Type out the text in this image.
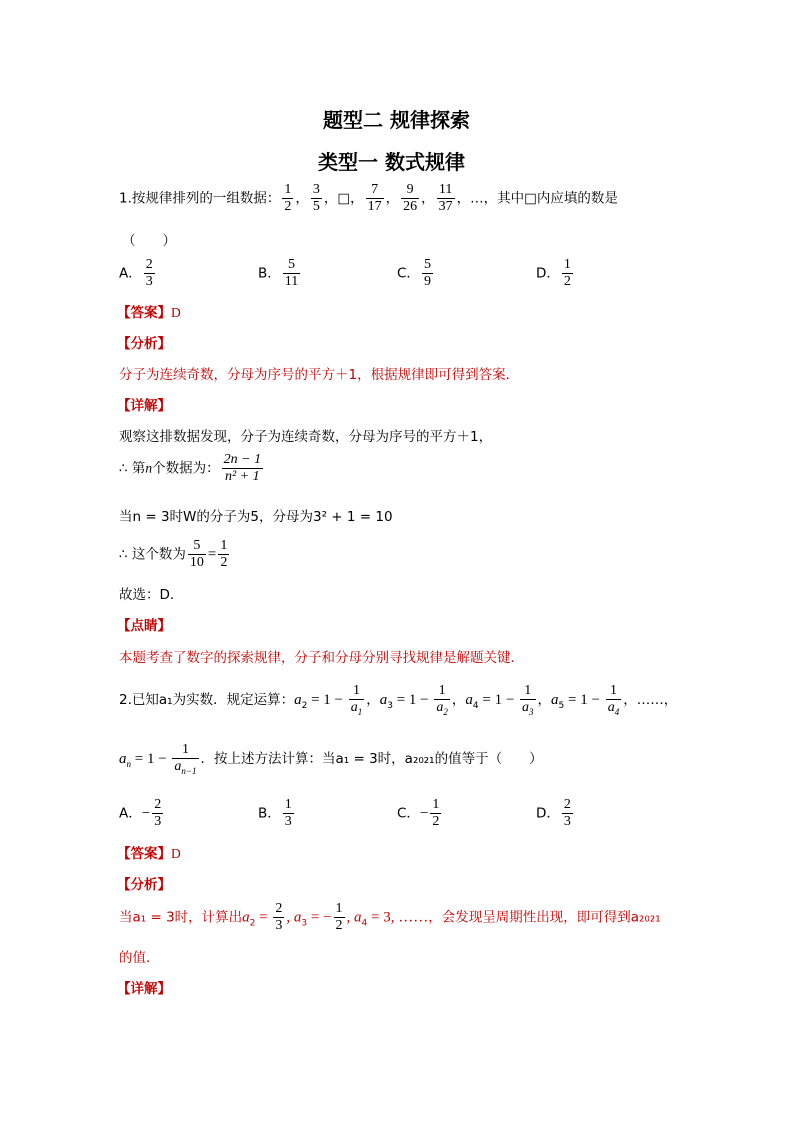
题型二 规律探索
类型一 数式规律
1.按规律排列的一组数据： $\frac{1}{2}$ ， $\frac{3}{5}$ ，□， $\frac{7}{17}$ ， $\frac{9}{26}$ ， $\frac{11}{37}$ ，…，其中□内应填的数是
（　　）
A． $\frac{2}{3}$	B． $\frac{5}{11}$	C． $\frac{5}{9}$	D． $\frac{1}{2}$
【答案】D
【分析】
分子为连续奇数，分母为序号的平方＋1，根据规律即可得到答案．
【详解】
观察这排数据发现，分子为连续奇数，分母为序号的平方＋1，
∴ 第n个数据为： $\frac{2n - 1}{\text{n² + 1}}$
当n = 3时W的分子为5，分母为3² + 1 = 10
∴ 这个数为 $\frac{5}{10} = \frac{1}{2}$
故选：D．
【点睛】
本题考查了数字的探索规律，分子和分母分别寻找规律是解题关键．
2.已知a₁为实数．规定运算：$a_2 = 1 - \frac{1}{a_1}$ ，$a_3 = 1 - \frac{1}{a_2}$ ，$a_4 = 1 - \frac{1}{a_3}$ ，$a_5 = 1 - \frac{1}{a_4}$ ，……，
$a_n = 1 - \frac{1}{a_{n-1}}$ ．按上述方法计算：当a₁ = 3时，a₂₀₂₁的值等于（　　）
A．− $\frac{2}{3}$	B． $\frac{1}{3}$	C．− $\frac{1}{2}$	D． $\frac{2}{3}$
【答案】D
【分析】
当a₁ = 3时，计算出$a_2 = \frac{2}{3}$ , $a_3$ = − $\frac{1}{2}$ , $a_4 = 3$, ……，会发现呈周期性出现，即可得到a₂₀₂₁
的值．
【详解】
